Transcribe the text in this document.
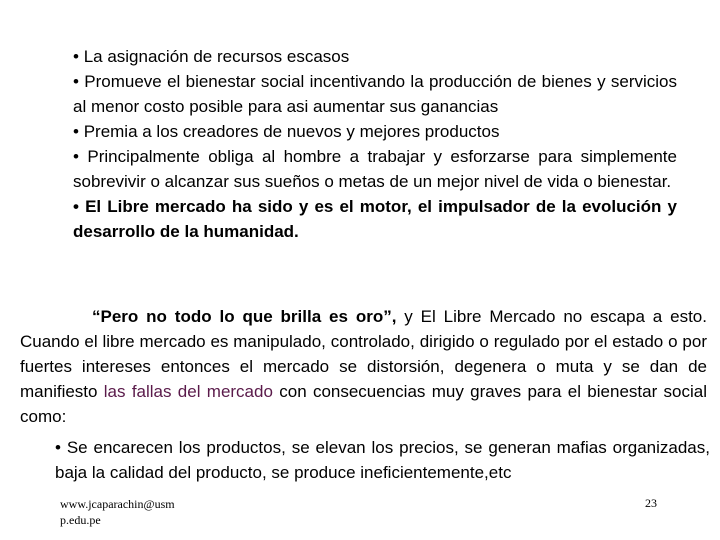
• La asignación de recursos escasos

• Promueve el bienestar social incentivando la producción de bienes y servicios al menor costo posible para asi aumentar sus ganancias

• Premia a los creadores de nuevos y mejores productos

• Principalmente obliga al hombre a trabajar y esforzarse para simplemente sobrevivir o alcanzar sus sueños o metas de un mejor nivel de vida o bienestar.

• El Libre mercado ha sido y es el motor, el impulsador de la evolución y desarrollo de la humanidad.

“Pero no todo lo que brilla es oro”, y El Libre Mercado no escapa a esto. Cuando el libre mercado es manipulado, controlado, dirigido o regulado por el estado o por fuertes intereses entonces el mercado se distorsión, degenera o muta y se dan de manifiesto las fallas del mercado con consecuencias muy graves para el bienestar social como:

• Se encarecen los productos, se elevan los precios, se generan mafias organizadas, baja la calidad del producto, se produce ineficientemente,etc

www.jcaparachin@usm
p.edu.pe
23
